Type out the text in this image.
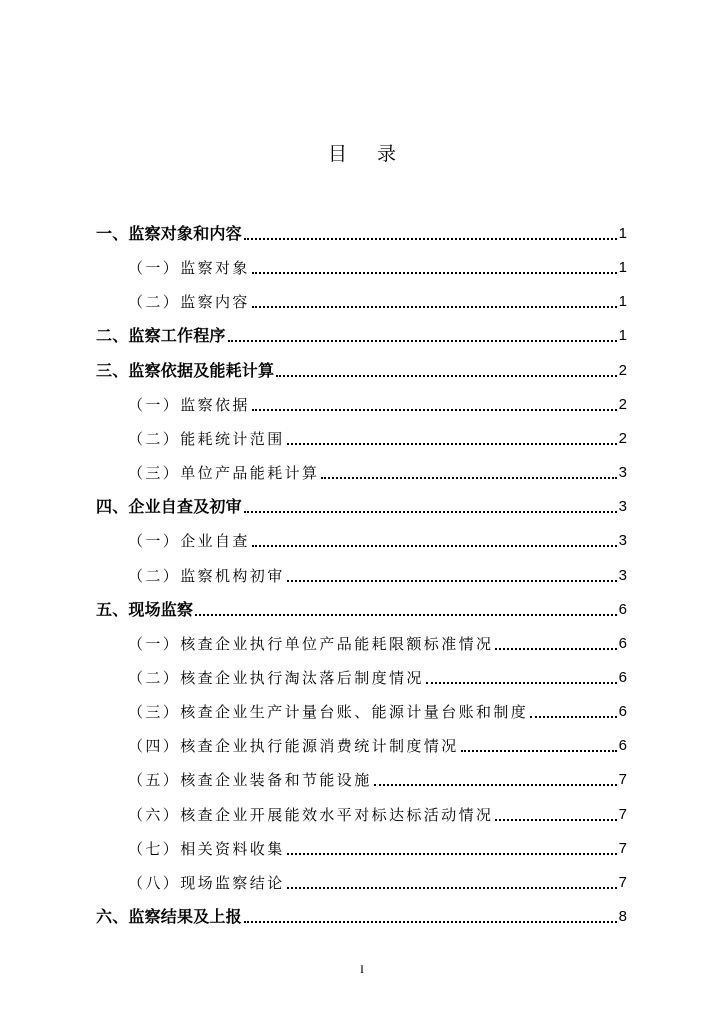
目 录
一、监察对象和内容	1
（一）监察对象	1
（二）监察内容	1
二、监察工作程序	1
三、监察依据及能耗计算	2
（一）监察依据	2
（二）能耗统计范围	2
（三）单位产品能耗计算	3
四、企业自查及初审	3
（一）企业自查	3
（二）监察机构初审	3
五、现场监察	6
（一）核查企业执行单位产品能耗限额标准情况	6
（二）核查企业执行淘汰落后制度情况	6
（三）核查企业生产计量台账、能源计量台账和制度	6
（四）核查企业执行能源消费统计制度情况	6
（五）核查企业装备和节能设施	7
（六）核查企业开展能效水平对标达标活动情况	7
（七）相关资料收集	7
（八）现场监察结论	7
六、监察结果及上报	8
I
